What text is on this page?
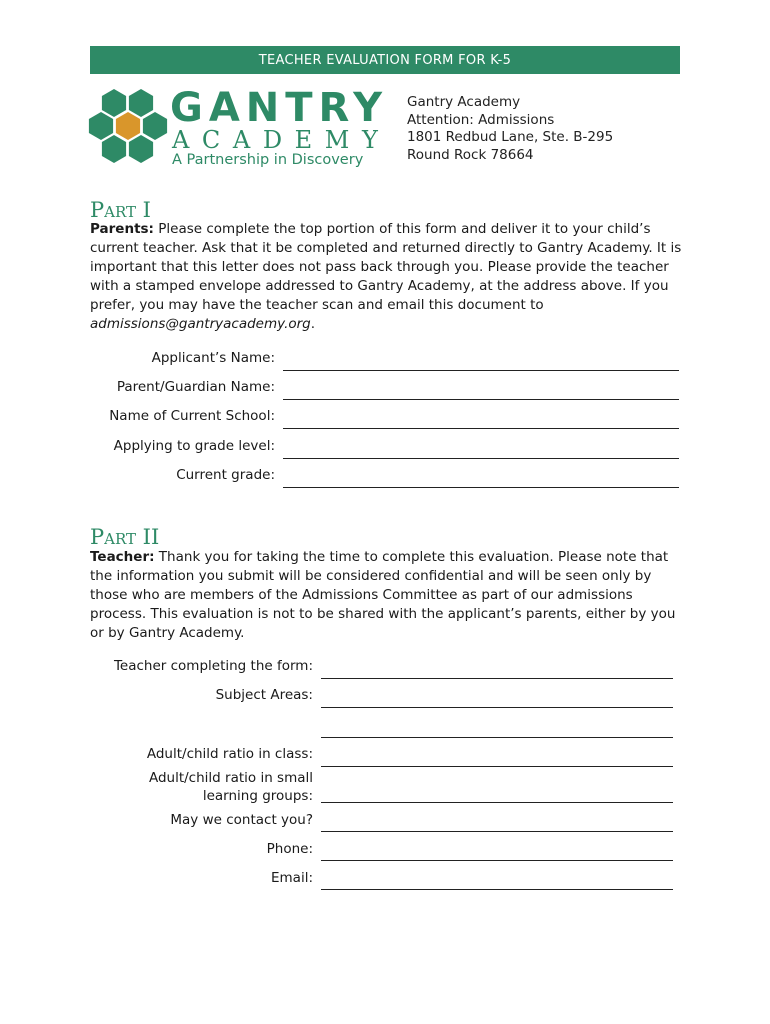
TEACHER EVALUATION FORM FOR K-5
GANTRY
ACADEMY
A Partnership in Discovery
Gantry Academy
Attention: Admissions
1801 Redbud Lane, Ste. B-295
Round Rock 78664
Part I
Parents: Please complete the top portion of this form and deliver it to your child’s current teacher. Ask that it be completed and returned directly to Gantry Academy. It is important that this letter does not pass back through you. Please provide the teacher with a stamped envelope addressed to Gantry Academy, at the address above. If you prefer, you may have the teacher scan and email this document to admissions@gantryacademy.org.
Applicant’s Name:
Parent/Guardian Name:
Name of Current School:
Applying to grade level:
Current grade:
Part II
Teacher: Thank you for taking the time to complete this evaluation. Please note that the information you submit will be considered confidential and will be seen only by those who are members of the Admissions Committee as part of our admissions process. This evaluation is not to be shared with the applicant’s parents, either by you or by Gantry Academy.
Teacher completing the form:
Subject Areas:
Adult/child ratio in class:
Adult/child ratio in small
learning groups:
May we contact you?
Phone:
Email:
